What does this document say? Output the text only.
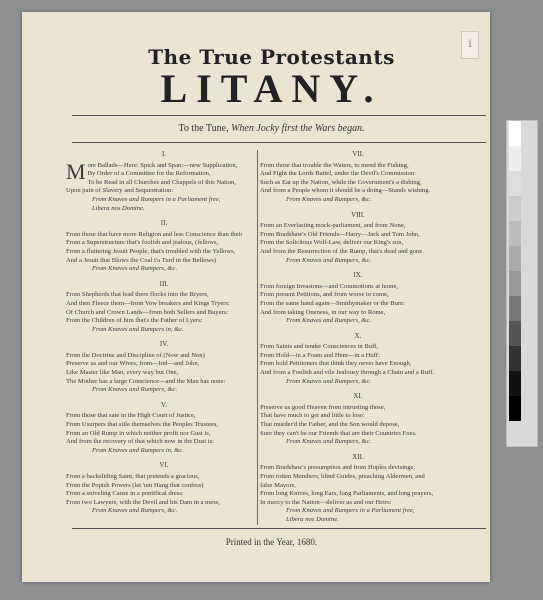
i
The True Protestants
LITANY.
To the Tune, When Jocky first the Wars began.
I.
M ore Ballads—Here: Spick and Span:—new Supplication,
By Order of a Committee for the Reformation,
To be Read in all Churches and Chappels of this Nation,
Upon pain of Slavery and Sequestration:
From Knaves and Rumpers in a Parliament free,
Libera nos Domine.
II.
From those that have more Religion and less Conscience than their
From a Superstructure that's foolish and jealous, (fellows,
From a fluttering Jesuit People, that's troubled with the Yellows,
And a Jesuit that Blows the Coal t'a Turd in the Bellows)
From Knaves and Rumpers, &c.
III.
From Shepherds that lead there flocks into the Bryers,
And then Fleece them—from Vow breakers and Kings Tryers:
Of Church and Crown Lands—from both Sellers and Buyers:
From the Children of him that's the Father of Lyers:
From Knaves and Rumpers in, &c.
IV.
From the Doctrine and Discipline of (Now and Non)
Preserve us and our Wives, from—Ind—and John,
Like Master like Man, every way but One,
The Mother has a large Conscience—and the Man has none:
From Knaves and Rumpers, &c.
V.
From those that sate in the High Court of Justice,
From Usurpers that stile themselves the Peoples Trustees,
From an Old Rump in which neither profit nor Gust is,
And from the recovery of that which now in the Dust is:
From Knaves and Rumpers in, &c.
VI.
From a backsliding Saint, that pretends a gracious,
From the Popish Powers (let 'um Hang that confess)
From a sniveling Cause in a pontifical dress:
From two Lawyers, with the Devil and his Dam in a mess,
From Knaves and Rumpers, &c.
VII.
From those that trouble the Waters, to mend the Fishing,
And Fight the Lords Battel, under the Devil's Commission:
Such as Eat up the Nation, while the Government's a dishing,
And from a People whom it should be a doing—Stands wishing.
From Knaves and Rumpers, &c.
VIII.
From an Everlasting mock-parliament, and from None,
From Bradshaw's Old Friends—Harry—Jack and Tom John,
From the Solicitous Wolf-Law, deliver our King's son,
And from the Resurrection of the Rump, that's dead and gone.
From Knaves and Rumpers, &c.
IX.
From foreign Invasions—and Commotions at home,
From present Petitions, and from worse to come,
From the same hand again—Smithymaker or the Bum:
And from taking Oneness, in our way to Rome,
From Knaves and Rumpers, &c.
X.
From Saints and tender Consciences in Buff,
From Hold—in a Foam and Hem—in a Huff:
From bold Petitioners that think they never have Enough,
And from a Foolish and vile Jealousy through a Chain and a Ruff.
From Knaves and Rumpers, &c.
XI.
Preserve us good Heaven from intrusting those,
That have much to get and little to lose:
That murder'd the Father, and the Son would depose,
Sure they can't be our Friends that are their Countries Foes.
From Knaves and Rumpers, &c.
XII.
From Bradshaw's presumption and from Hoples devisings;
From rotten Members, blind Guides, preaching Aldermen, and
false Mayors,
From long Knives, long Ears, long Parliaments, and long prayers,
In mercy to the Nation—deliver us and our Heirs:
From Knaves and Rumpers in a Parliament free,
Libera nos Domine.
Printed in the Year, 1680.
